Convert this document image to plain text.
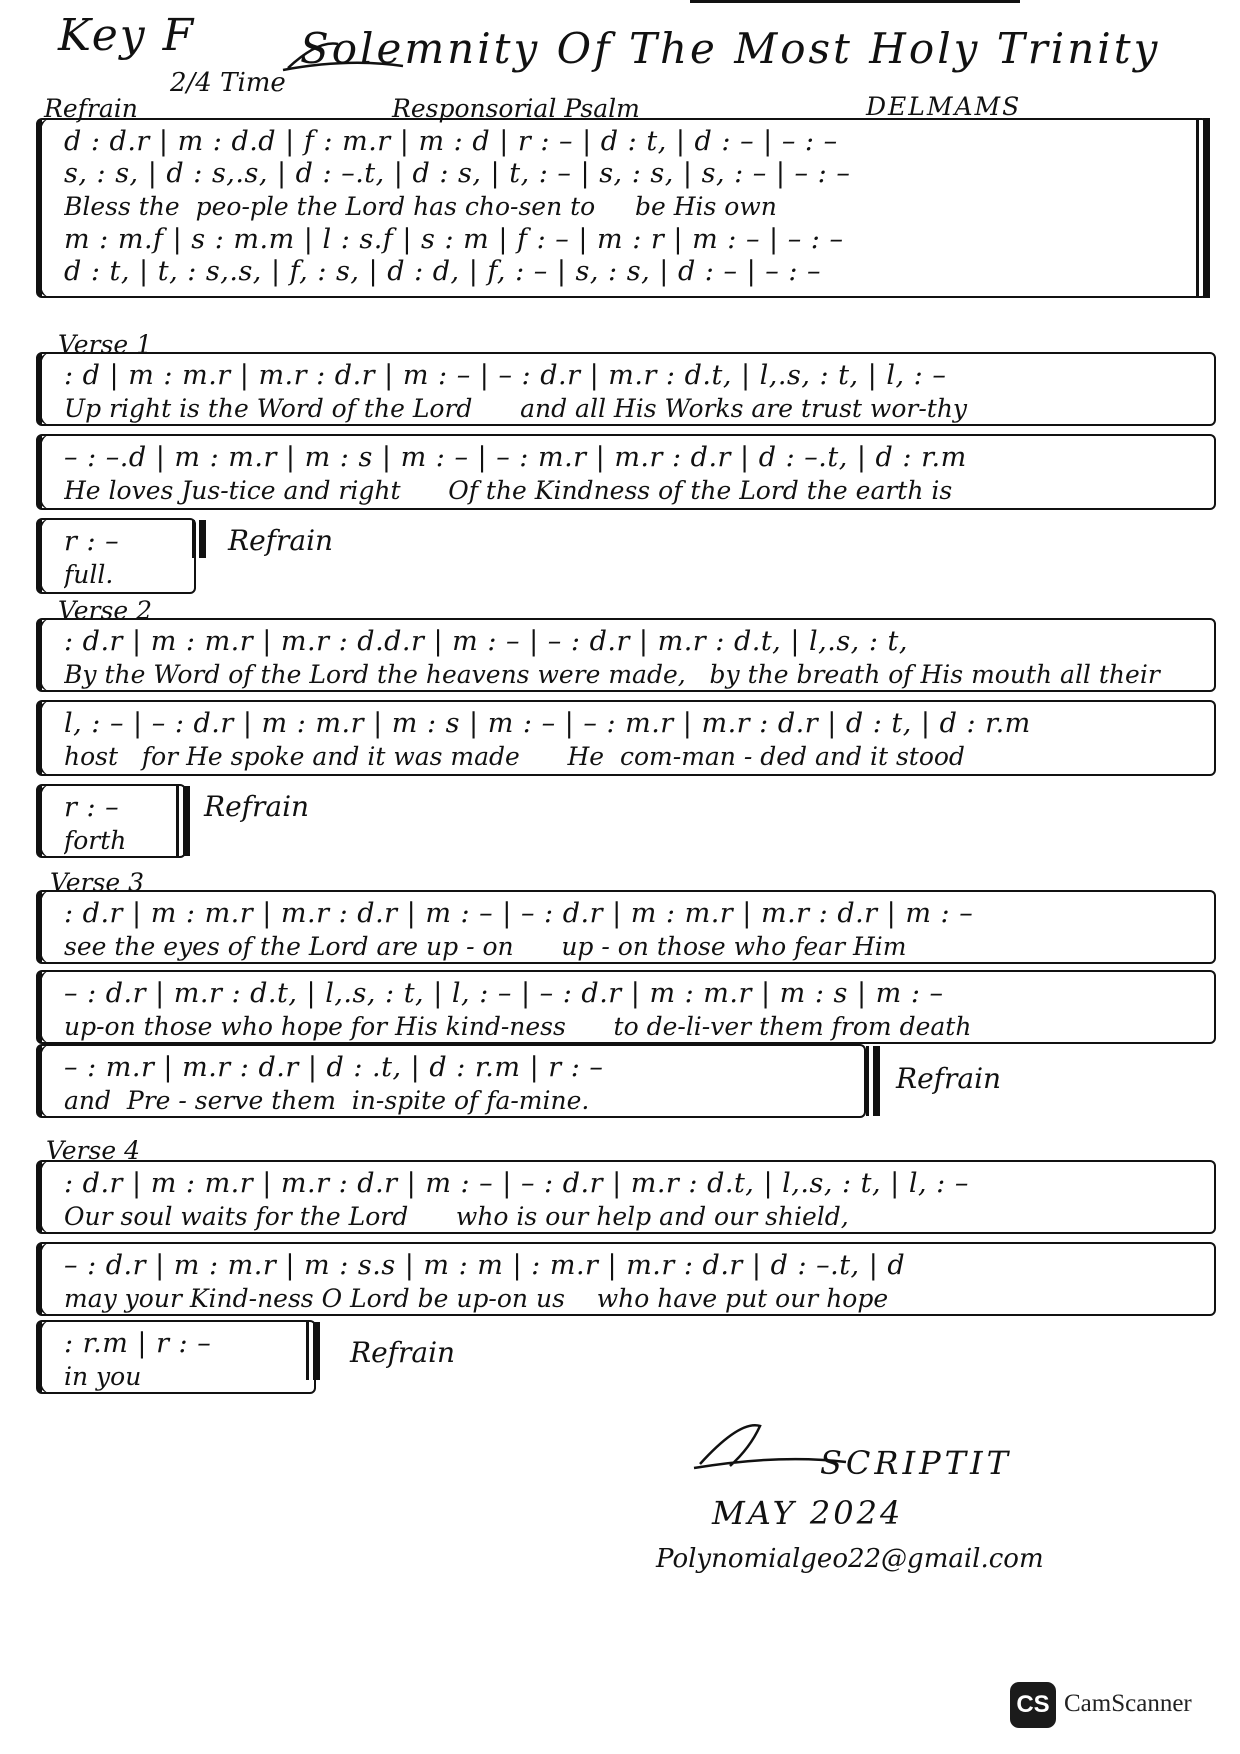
Key F
2/4 Time
Solemnity Of The Most Holy Trinity
Refrain	Responsorial Psalm	DELMAMS
d : d.r | m : d.d | f : m.r | m : d | r : – | d : t, | d : – | – : –
s, : s, | d : s,.s, | d : –.t, | d : s, | t, : – | s, : s, | s, : – | – : –
Bless the  peo-ple the Lord has cho-sen to     be His own
m : m.f | s : m.m | l : s.f | s : m | f : – | m : r | m : – | – : –
d : t, | t, : s,.s, | f, : s, | d : d, | f, : – | s, : s, | d : – | – : –
Verse 1
: d | m : m.r | m.r : d.r | m : – | – : d.r | m.r : d.t, | l,.s, : t, | l, : –
Up right is the Word of the Lord      and all His Works are trust wor-thy
– : –.d | m : m.r | m : s | m : – | – : m.r | m.r : d.r | d : –.t, | d : r.m
He loves Jus-tice and right      Of the Kindness of the Lord the earth is
r : –
full.
Refrain
Verse 2
: d.r | m : m.r | m.r : d.d.r | m : – | – : d.r | m.r : d.t, | l,.s, : t,
By the Word of the Lord the heavens were made,   by the breath of His mouth all their
l, : – | – : d.r | m : m.r | m : s | m : – | – : m.r | m.r : d.r | d : t, | d : r.m
host   for He spoke and it was made      He  com-man - ded and it stood
r : –
forth
Refrain
Verse 3
: d.r | m : m.r | m.r : d.r | m : – | – : d.r | m : m.r | m.r : d.r | m : –
see the eyes of the Lord are up - on      up - on those who fear Him
– : d.r | m.r : d.t, | l,.s, : t, | l, : – | – : d.r | m : m.r | m : s | m : –
up-on those who hope for His kind-ness      to de-li-ver them from death
– : m.r | m.r : d.r | d : .t, | d : r.m | r : –
and  Pre - serve them  in-spite of fa-mine.
Refrain
Verse 4
: d.r | m : m.r | m.r : d.r | m : – | – : d.r | m.r : d.t, | l,.s, : t, | l, : –
Our soul waits for the Lord      who is our help and our shield,
– : d.r | m : m.r | m : s.s | m : m | : m.r | m.r : d.r | d : –.t, | d
may your Kind-ness O Lord be up-on us    who have put our hope
: r.m | r : –
in you
Refrain
SCRIPTIT
MAY 2024
Polynomialgeo22@gmail.com
CS CamScanner
